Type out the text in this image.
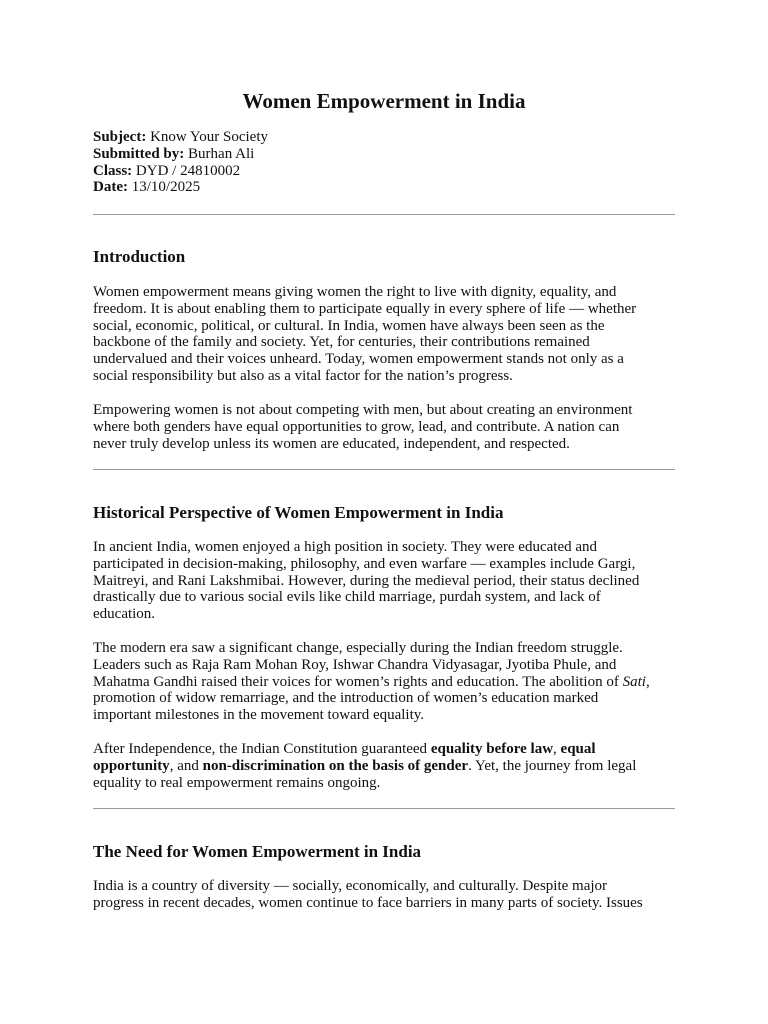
Women Empowerment in India
Subject: Know Your Society
Submitted by: Burhan Ali
Class: DYD / 24810002
Date: 13/10/2025
Introduction

Women empowerment means giving women the right to live with dignity, equality, and
freedom. It is about enabling them to participate equally in every sphere of life — whether
social, economic, political, or cultural. In India, women have always been seen as the
backbone of the family and society. Yet, for centuries, their contributions remained
undervalued and their voices unheard. Today, women empowerment stands not only as a
social responsibility but also as a vital factor for the nation’s progress.

Empowering women is not about competing with men, but about creating an environment
where both genders have equal opportunities to grow, lead, and contribute. A nation can
never truly develop unless its women are educated, independent, and respected.

Historical Perspective of Women Empowerment in India

In ancient India, women enjoyed a high position in society. They were educated and
participated in decision-making, philosophy, and even warfare — examples include Gargi,
Maitreyi, and Rani Lakshmibai. However, during the medieval period, their status declined
drastically due to various social evils like child marriage, purdah system, and lack of
education.

The modern era saw a significant change, especially during the Indian freedom struggle.
Leaders such as Raja Ram Mohan Roy, Ishwar Chandra Vidyasagar, Jyotiba Phule, and
Mahatma Gandhi raised their voices for women’s rights and education. The abolition of Sati,
promotion of widow remarriage, and the introduction of women’s education marked
important milestones in the movement toward equality.

After Independence, the Indian Constitution guaranteed equality before law, equal
opportunity, and non-discrimination on the basis of gender. Yet, the journey from legal
equality to real empowerment remains ongoing.

The Need for Women Empowerment in India

India is a country of diversity — socially, economically, and culturally. Despite major
progress in recent decades, women continue to face barriers in many parts of society. Issues
